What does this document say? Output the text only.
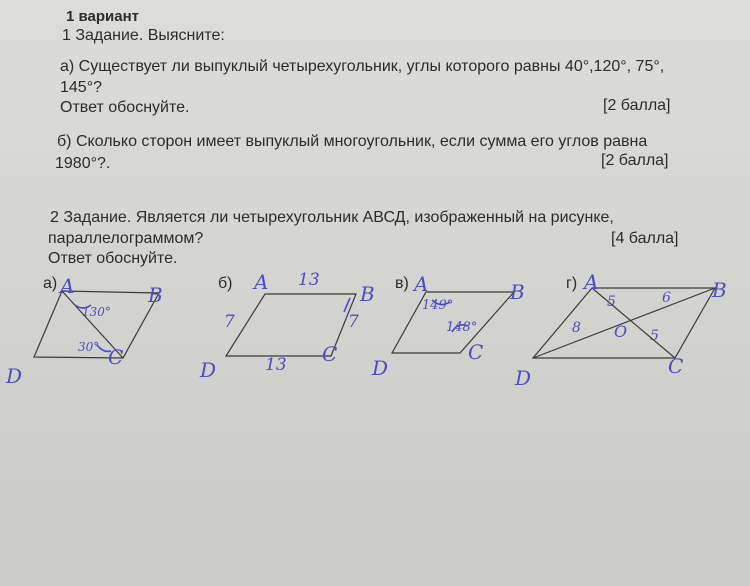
1 вариант
1 Задание. Выясните:
а) Существует ли выпуклый четырехугольник, углы которого равны 40°,120°, 75°,
145°?
Ответ обоснуйте.	[2 балла]
б) Сколько сторон имеет выпуклый многоугольник, если сумма его углов равна
1980°?.	[2 балла]
2 Задание. Является ли четырехугольник АВСД, изображенный на рисунке,
параллелограммом?	[4 балла]
Ответ обоснуйте.
а)	б)	в)	г)
A	B
C
D
130°
30°
A	B
C
D
13
13
7	7
A	B
C
D
149°
148°
A	B
C
D
O
5	6
8	5
